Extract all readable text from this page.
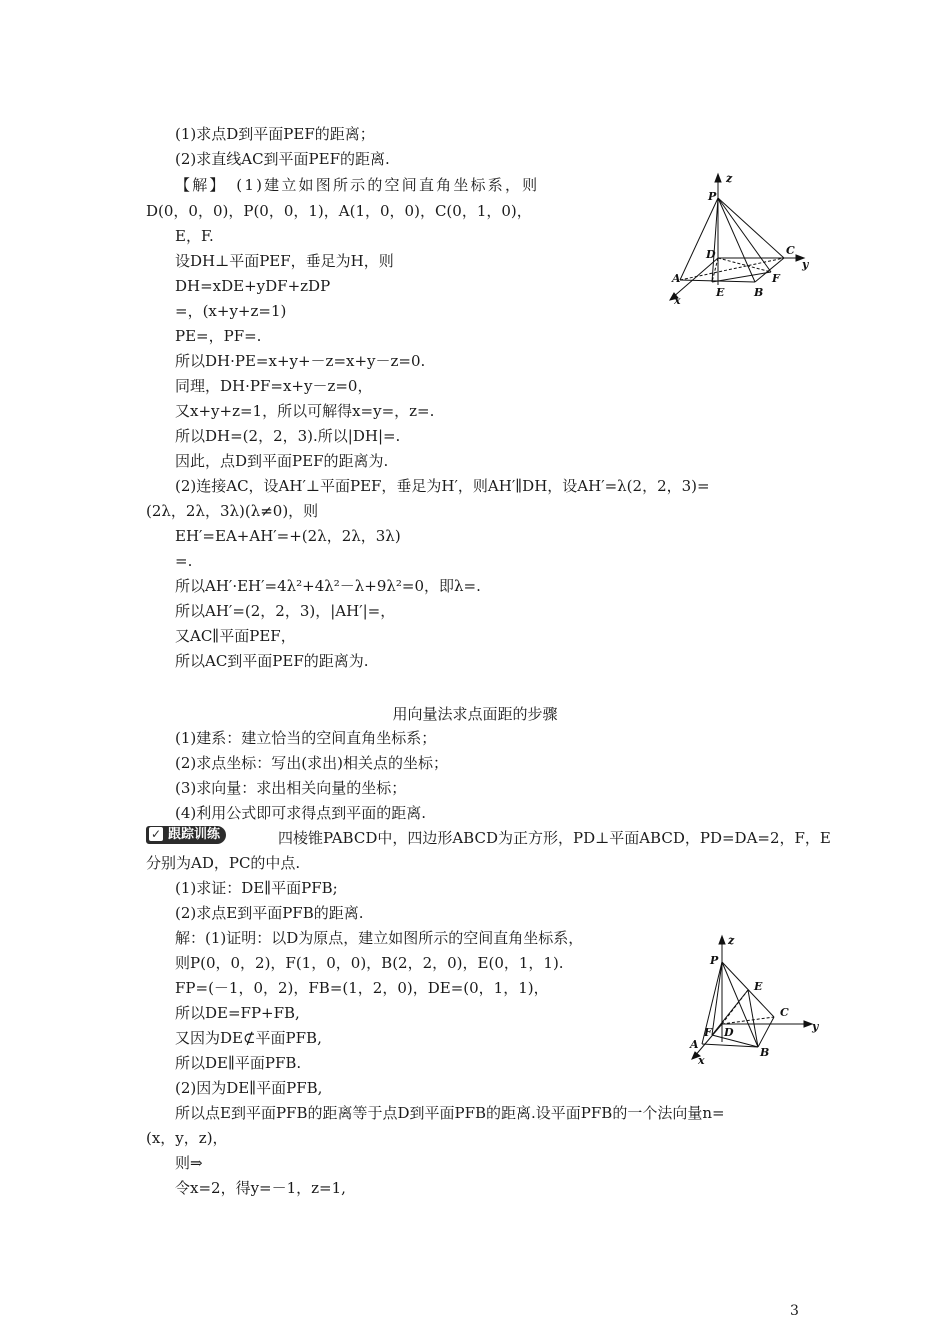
(1)求点D到平面PEF的距离；
(2)求直线AC到平面PEF的距离.
【解】　(1)建立如图所示的空间直角坐标系，则
D(0，0，0)，P(0，0，1)，A(1，0，0)，C(0，1，0)，
E，F.
设DH⊥平面PEF，垂足为H，则
DH=xDE+yDF+zDP
=，(x+y+z=1)
PE=，PF=.
所以DH·PE=x+y+－z=x+y－z=0.
同理，DH·PF=x+y－z=0，
又x+y+z=1，所以可解得x=y=，z=.
所以DH=(2，2，3).所以|DH|=.
因此，点D到平面PEF的距离为.
(2)连接AC，设AH′⊥平面PEF，垂足为H′，则AH′∥DH，设AH′=λ(2，2，3)=
(2λ，2λ，3λ)(λ≠0)，则
EH′=EA+AH′=+(2λ，2λ，3λ)
=.
所以AH′·EH′=4λ²+4λ²－λ+9λ²=0，即λ=.
所以AH′=(2，2，3)，|AH′|=，
又AC∥平面PEF，
所以AC到平面PEF的距离为.
用向量法求点面距的步骤
(1)建系：建立恰当的空间直角坐标系；
(2)求点坐标：写出(求出)相关点的坐标；
(3)求向量：求出相关向量的坐标；
(4)利用公式即可求得点到平面的距离.
✓ 跟踪训练	四棱锥PABCD中，四边形ABCD为正方形，PD⊥平面ABCD，PD=DA=2，F，E
分别为AD，PC的中点.
(1)求证：DE∥平面PFB;
(2)求点E到平面PFB的距离.
解：(1)证明：以D为原点，建立如图所示的空间直角坐标系，
则P(0，0，2)，F(1，0，0)，B(2，2，0)，E(0，1，1).
FP=(－1，0，2)，FB=(1，2，0)，DE=(0，1，1)，
所以DE=FP+FB,
又因为DE⊄平面PFB,
所以DE∥平面PFB.
(2)因为DE∥平面PFB,
所以点E到平面PFB的距离等于点D到平面PFB的距离.设平面PFB的一个法向量n=
(x，y，z)，
则⇒
令x=2，得y=－1，z=1,
z
P
D	C
y
F
A
E	B
x
z
P
E
C
y
D
F
A
B
x
3
